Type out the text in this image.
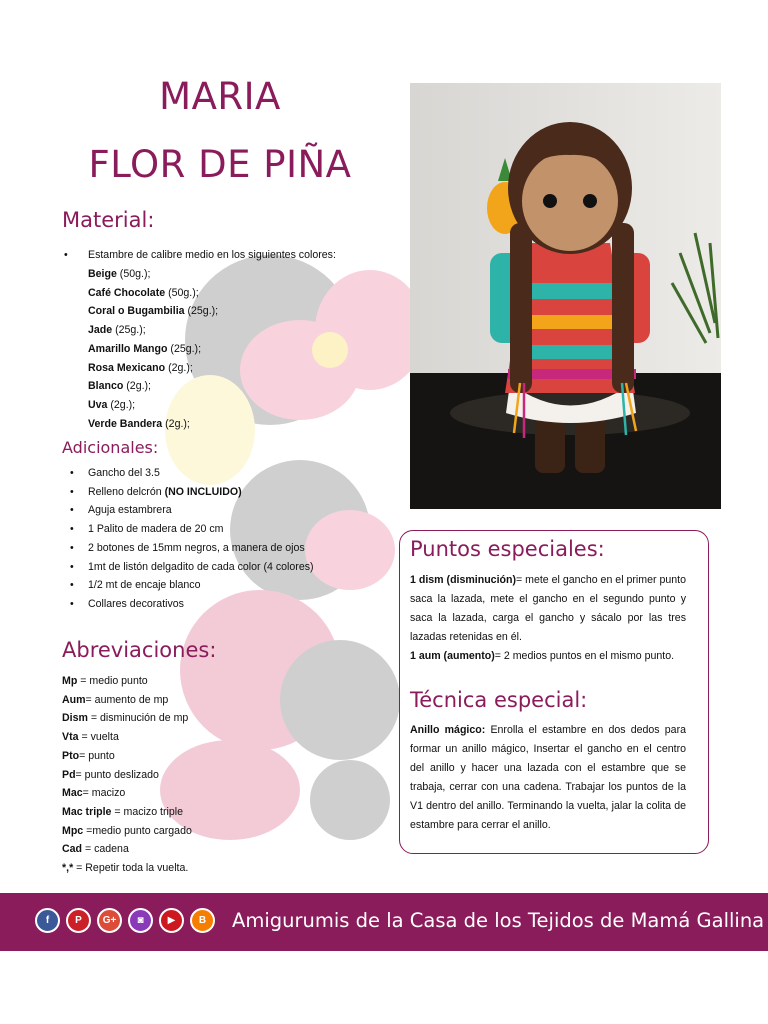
MARIA
FLOR DE PIÑA
Material:
• Estambre de calibre medio en los siguientes colores:
Beige (50g.);
Café Chocolate (50g.);
Coral o Bugambilia (25g.);
Jade (25g.);
Amarillo Mango (25g.);
Rosa Mexicano (2g.);
Blanco (2g.);
Uva (2g.);
Verde Bandera (2g.);
Adicionales:
• Gancho del 3.5
• Relleno delcrón (NO INCLUIDO)
• Aguja estambrera
• 1 Palito de madera de 20 cm
• 2 botones de 15mm negros, a manera de ojos
• 1mt de listón delgadito de cada color (4 colores)
• 1/2 mt de encaje blanco
• Collares decorativos
Abreviaciones:
Mp = medio punto
Aum= aumento de mp
Dism = disminución de mp
Vta = vuelta
Pto= punto
Pd= punto deslizado
Mac= macizo
Mac triple = macizo triple
Mpc =medio punto cargado
Cad = cadena
*,* = Repetir toda la vuelta.
Puntos especiales:
1 dism (disminución)= mete el gancho en el primer punto saca la lazada, mete el gancho en el segundo punto y saca la lazada, carga el gancho y sácalo por las tres lazadas retenidas en él.
1 aum (aumento)= 2 medios puntos en el mismo punto.
Técnica especial:
Anillo mágico: Enrolla el estambre en dos dedos para formar un anillo mágico, Insertar el gancho en el centro del anillo y hacer una lazada con el estambre que se trabaja, cerrar con una cadena. Trabajar los puntos de la V1 dentro del anillo. Terminando la vuelta, jalar la colita de estambre para cerrar el anillo.
f	P	G+	◙	▶	B	Amigurumis de la Casa de los Tejidos de Mamá Gallina
